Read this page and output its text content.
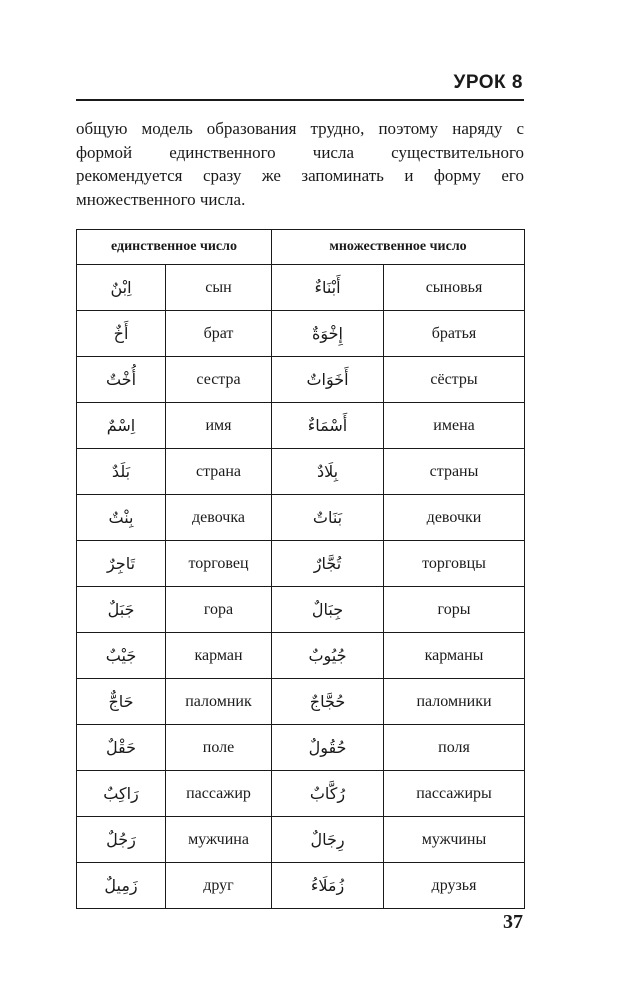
УРОК 8

общую модель образования трудно, поэтому наряду с формой единственного числа существительного рекомендуется сразу же запоминать и форму его множественного числа.

единственное число		множественное число	
اِبْنٌ	сын	أَبْنَاءٌ	сыновья
أَخٌ	брат	إِخْوَةٌ	братья
أُخْتٌ	сестра	أَخَوَاتٌ	сёстры
اِسْمٌ	имя	أَسْمَاءٌ	имена
بَلَدٌ	страна	بِلَادٌ	страны
بِنْتٌ	девочка	بَنَاتٌ	девочки
تَاجِرٌ	торговец	تُجَّارٌ	торговцы
جَبَلٌ	гора	جِبَالٌ	горы
جَيْبٌ	карман	جُيُوبٌ	карманы
حَاجٌّ	паломник	حُجَّاجٌ	паломники
حَقْلٌ	поле	حُقُولٌ	поля
رَاكِبٌ	пассажир	رُكَّابٌ	пассажиры
رَجُلٌ	мужчина	رِجَالٌ	мужчины
زَمِيلٌ	друг	زُمَلَاءُ	друзья
37
